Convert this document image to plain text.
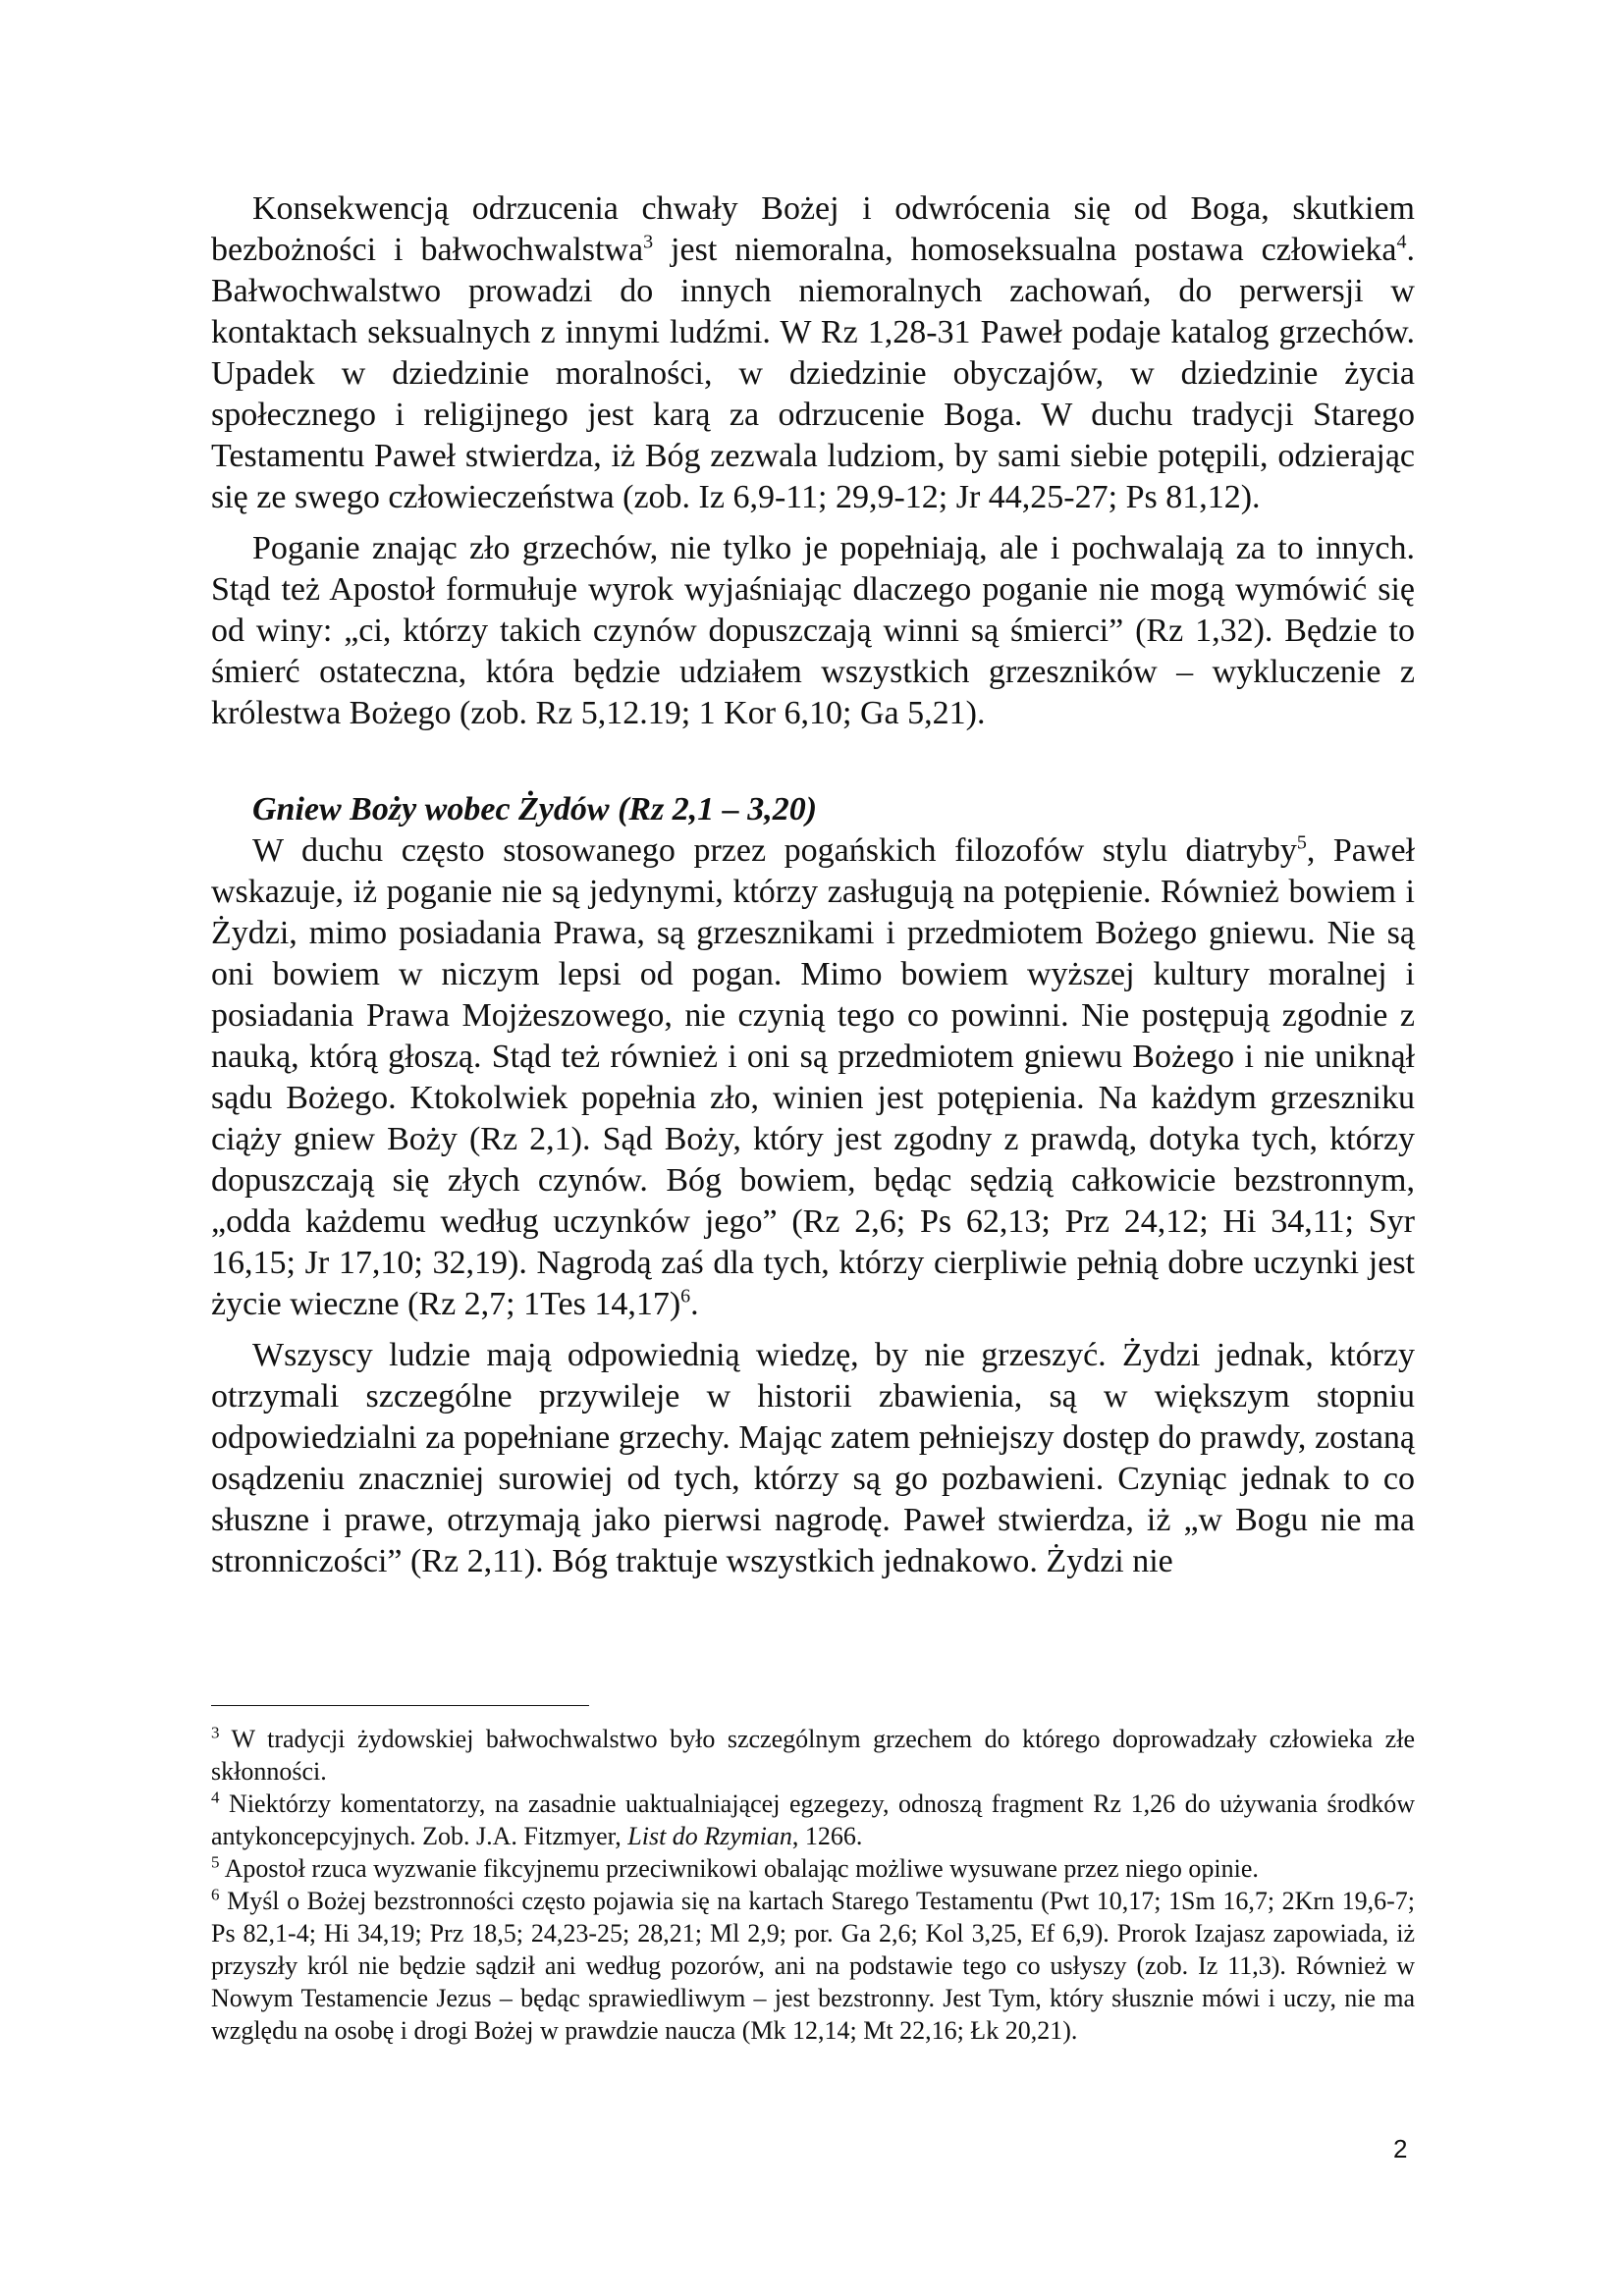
Konsekwencją odrzucenia chwały Bożej i odwrócenia się od Boga, skutkiem bezbożności i bałwochwalstwa$^3$ jest niemoralna, homoseksualna postawa człowieka$^4$. Bałwochwalstwo prowadzi do innych niemoralnych zachowań, do perwersji w kontaktach seksualnych z innymi ludźmi. W Rz 1,28-31 Paweł podaje katalog grzechów. Upadek w dziedzinie moralności, w dziedzinie obyczajów, w dziedzinie życia społecznego i religijnego jest karą za odrzucenie Boga. W duchu tradycji Starego Testamentu Paweł stwierdza, iż Bóg zezwala ludziom, by sami siebie potępili, odzierając się ze swego człowieczeństwa (zob. Iz 6,9-11; 29,9-12; Jr 44,25-27; Ps 81,12).

Poganie znając zło grzechów, nie tylko je popełniają, ale i pochwalają za to innych. Stąd też Apostoł formułuje wyrok wyjaśniając dlaczego poganie nie mogą wymówić się od winy: „ci, którzy takich czynów dopuszczają winni są śmierci” (Rz 1,32). Będzie to śmierć ostateczna, która będzie udziałem wszystkich grzeszników – wykluczenie z królestwa Bożego (zob. Rz 5,12.19; 1 Kor 6,10; Ga 5,21).

Gniew Boży wobec Żydów (Rz 2,1 – 3,20)

W duchu często stosowanego przez pogańskich filozofów stylu diatryby$^5$, Paweł wskazuje, iż poganie nie są jedynymi, którzy zasługują na potępienie. Również bowiem i Żydzi, mimo posiadania Prawa, są grzesznikami i przedmiotem Bożego gniewu. Nie są oni bowiem w niczym lepsi od pogan. Mimo bowiem wyższej kultury moralnej i posiadania Prawa Mojżeszowego, nie czynią tego co powinni. Nie postępują zgodnie z nauką, którą głoszą. Stąd też również i oni są przedmiotem gniewu Bożego i nie uniknął sądu Bożego. Ktokolwiek popełnia zło, winien jest potępienia. Na każdym grzeszniku ciąży gniew Boży (Rz 2,1). Sąd Boży, który jest zgodny z prawdą, dotyka tych, którzy dopuszczają się złych czynów. Bóg bowiem, będąc sędzią całkowicie bezstronnym, „odda każdemu według uczynków jego” (Rz 2,6; Ps 62,13; Prz 24,12; Hi 34,11; Syr 16,15; Jr 17,10; 32,19). Nagrodą zaś dla tych, którzy cierpliwie pełnią dobre uczynki jest życie wieczne (Rz 2,7; 1Tes 14,17)$^6$.

Wszyscy ludzie mają odpowiednią wiedzę, by nie grzeszyć. Żydzi jednak, którzy otrzymali szczególne przywileje w historii zbawienia, są w większym stopniu odpowiedzialni za popełniane grzechy. Mając zatem pełniejszy dostęp do prawdy, zostaną osądzeniu znaczniej surowiej od tych, którzy są go pozbawieni. Czyniąc jednak to co słuszne i prawe, otrzymają jako pierwsi nagrodę. Paweł stwierdza, iż „w Bogu nie ma stronniczości” (Rz 2,11). Bóg traktuje wszystkich jednakowo. Żydzi nie

$^3$ W tradycji żydowskiej bałwochwalstwo było szczególnym grzechem do którego doprowadzały człowieka złe skłonności.

$^4$ Niektórzy komentatorzy, na zasadnie uaktualniającej egzegezy, odnoszą fragment Rz 1,26 do używania środków antykoncepcyjnych. Zob. J.A. Fitzmyer, List do Rzymian, 1266.

$^5$ Apostoł rzuca wyzwanie fikcyjnemu przeciwnikowi obalając możliwe wysuwane przez niego opinie.

$^6$ Myśl o Bożej bezstronności często pojawia się na kartach Starego Testamentu (Pwt 10,17; 1Sm 16,7; 2Krn 19,6-7; Ps 82,1-4; Hi 34,19; Prz 18,5; 24,23-25; 28,21; Ml 2,9; por. Ga 2,6; Kol 3,25, Ef 6,9). Prorok Izajasz zapowiada, iż przyszły król nie będzie sądził ani według pozorów, ani na podstawie tego co usłyszy (zob. Iz 11,3). Również w Nowym Testamencie Jezus – będąc sprawiedliwym – jest bezstronny. Jest Tym, który słusznie mówi i uczy, nie ma względu na osobę i drogi Bożej w prawdzie naucza (Mk 12,14; Mt 22,16; Łk 20,21).

2
